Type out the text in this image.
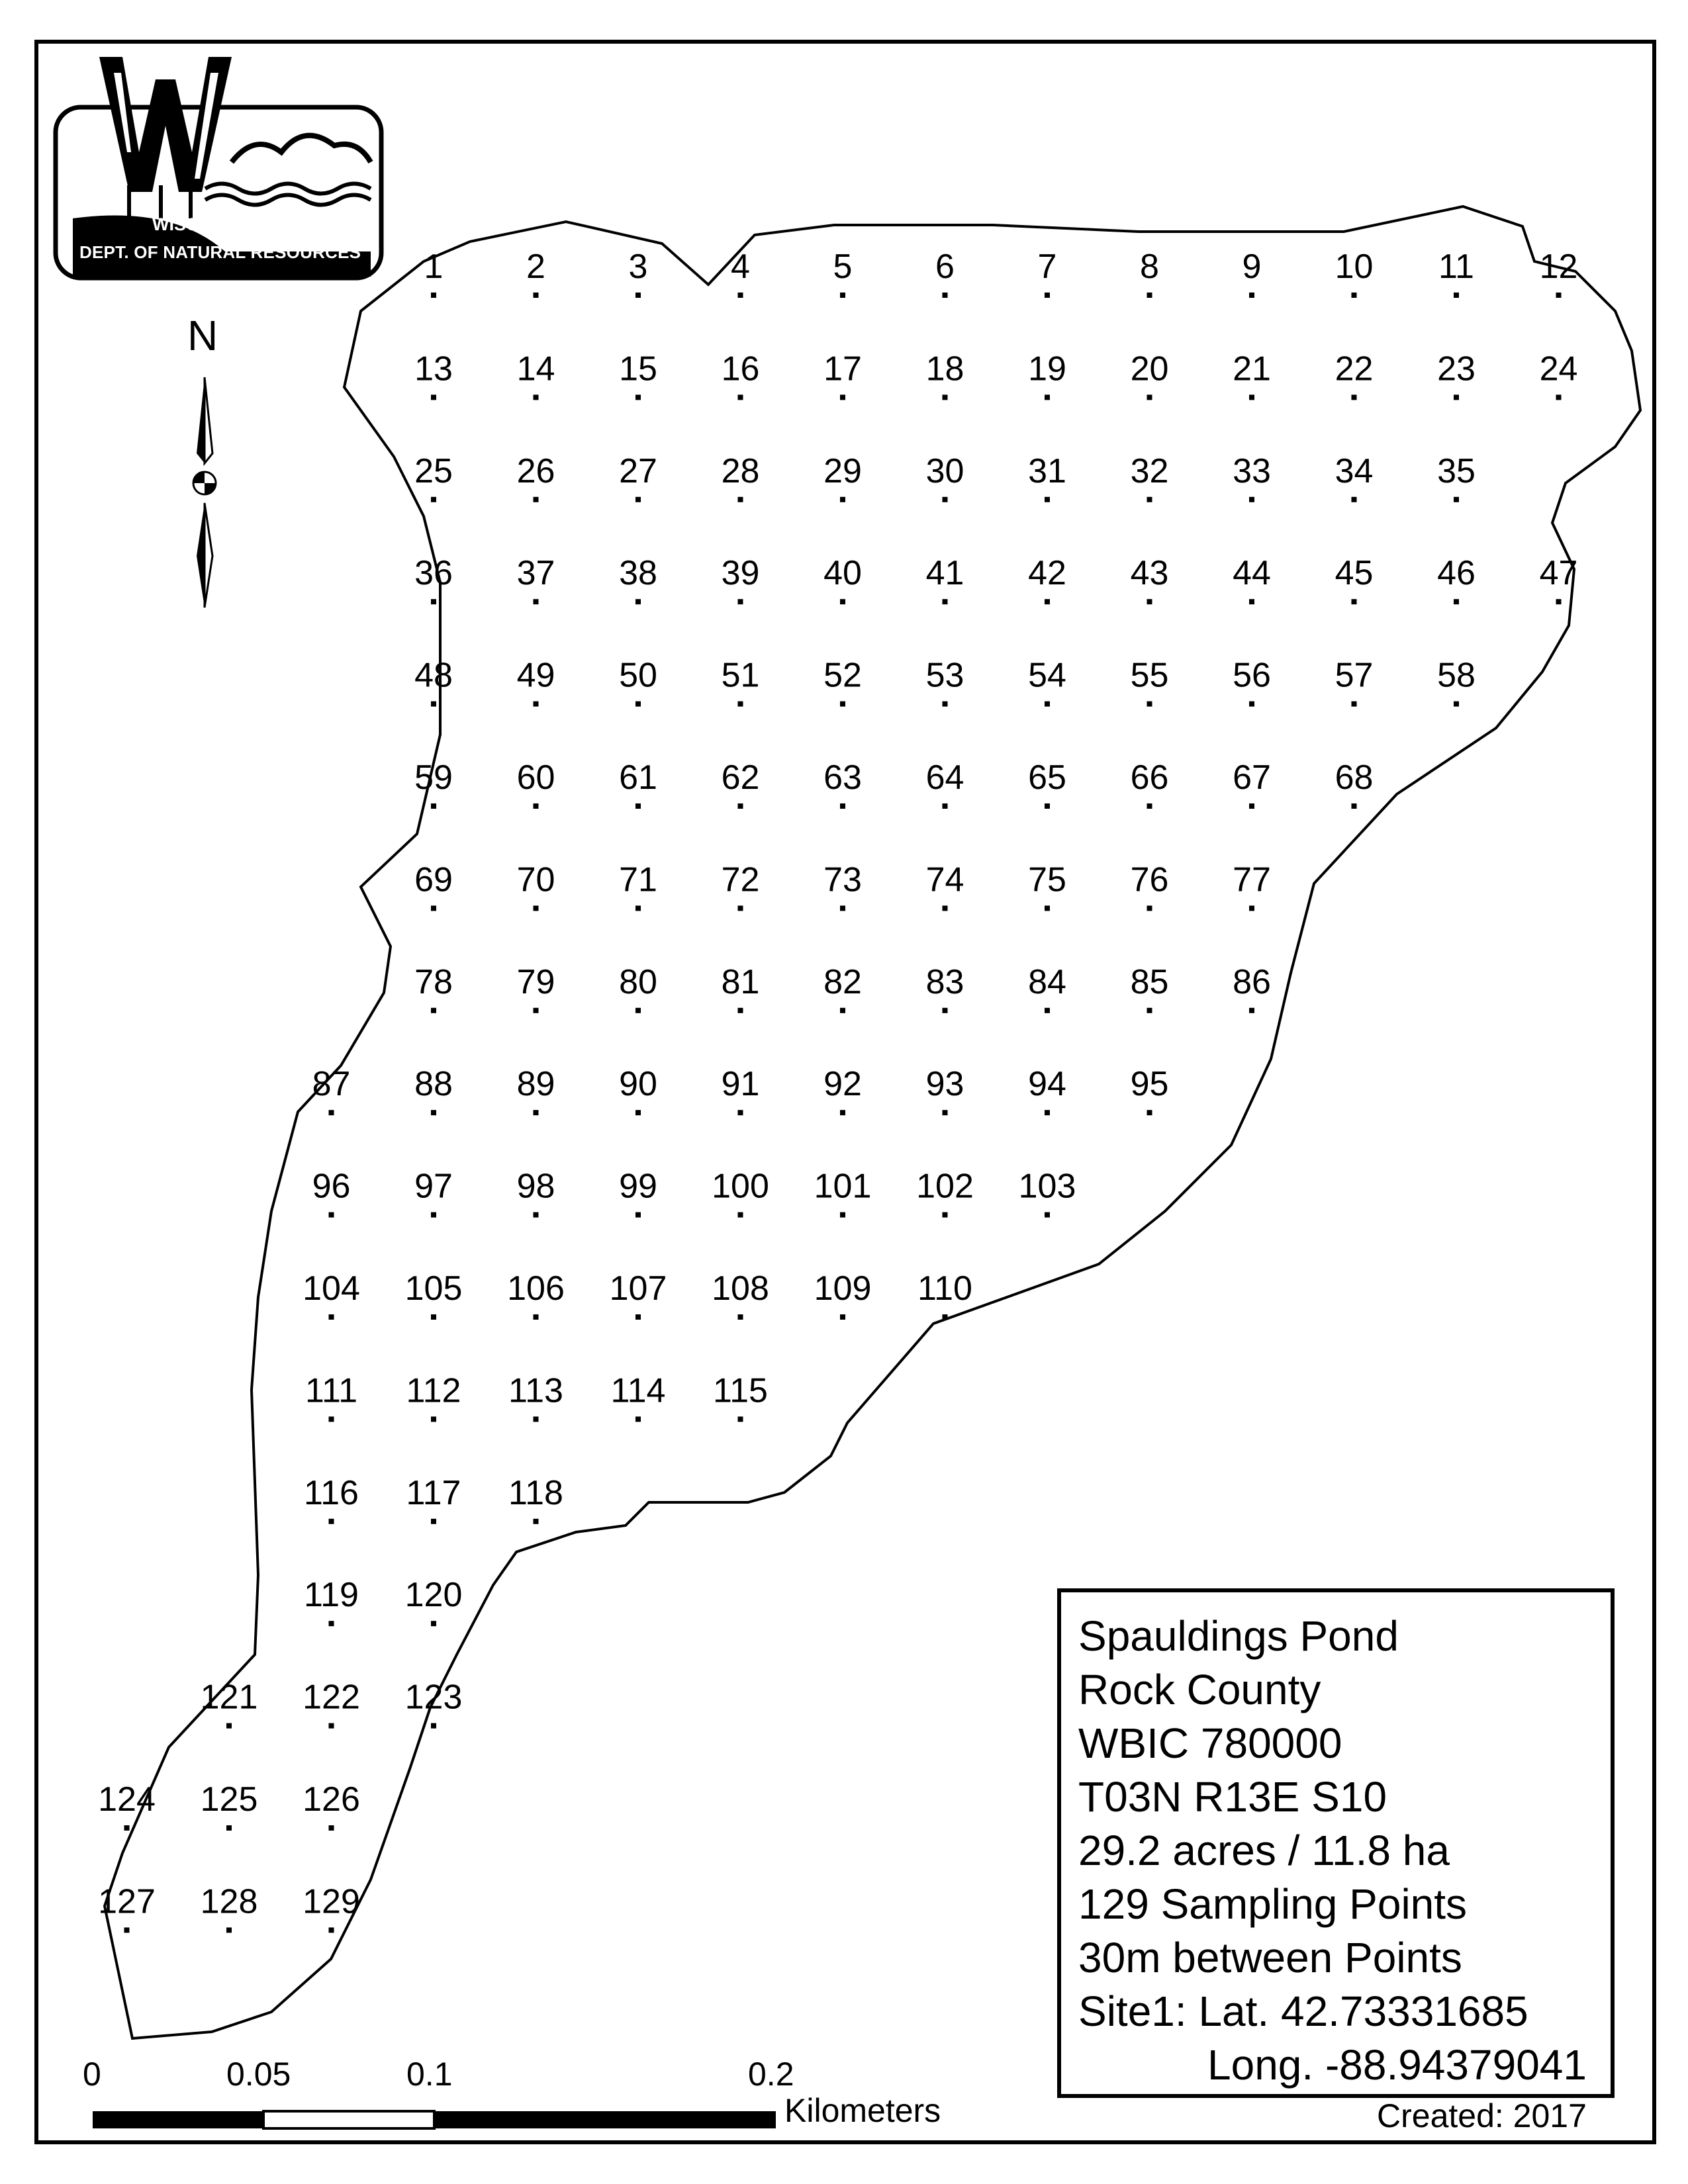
1 2 3 4 5 6 7 8 9 10 11 12
13 14 15 16 17 18 19 20 21 22 23 24
25 26 27 28 29 30 31 32 33 34 35
36 37 38 39 40 41 42 43 44 45 46 47
48 49 50 51 52 53 54 55 56 57 58
59 60 61 62 63 64 65 66 67 68
69 70 71 72 73 74 75 76 77
78 79 80 81 82 83 84 85 86
87 88 89 90 91 92 93 94 95
96 97 98 99 100 101 102 103
104 105 106 107 108 109 110
111 112 113 114 115
116 117 118
119 120
121 122 123
124 125 126
127 128 129
WISCONSIN
DEPT. OF NATURAL RESOURCES
N
0	0.05	0.1	0.2
Kilometers
Spauldings Pond
Rock County
WBIC 780000
T03N R13E S10
29.2 acres / 11.8 ha
129 Sampling Points
30m between Points
Site1: Lat. 42.73331685
Long. -88.94379041
Created: 2017
